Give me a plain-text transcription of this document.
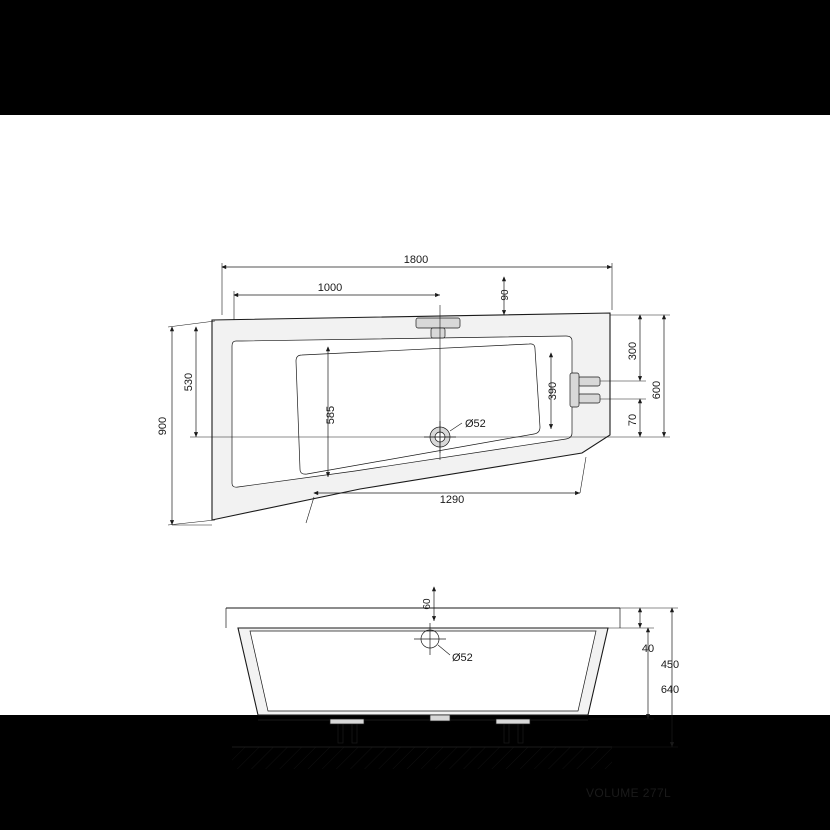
Ø52
1800
1000
90
900
530
585
390
1290
300
600
70
Ø52
60
40
450
640
VOLUME 277L
